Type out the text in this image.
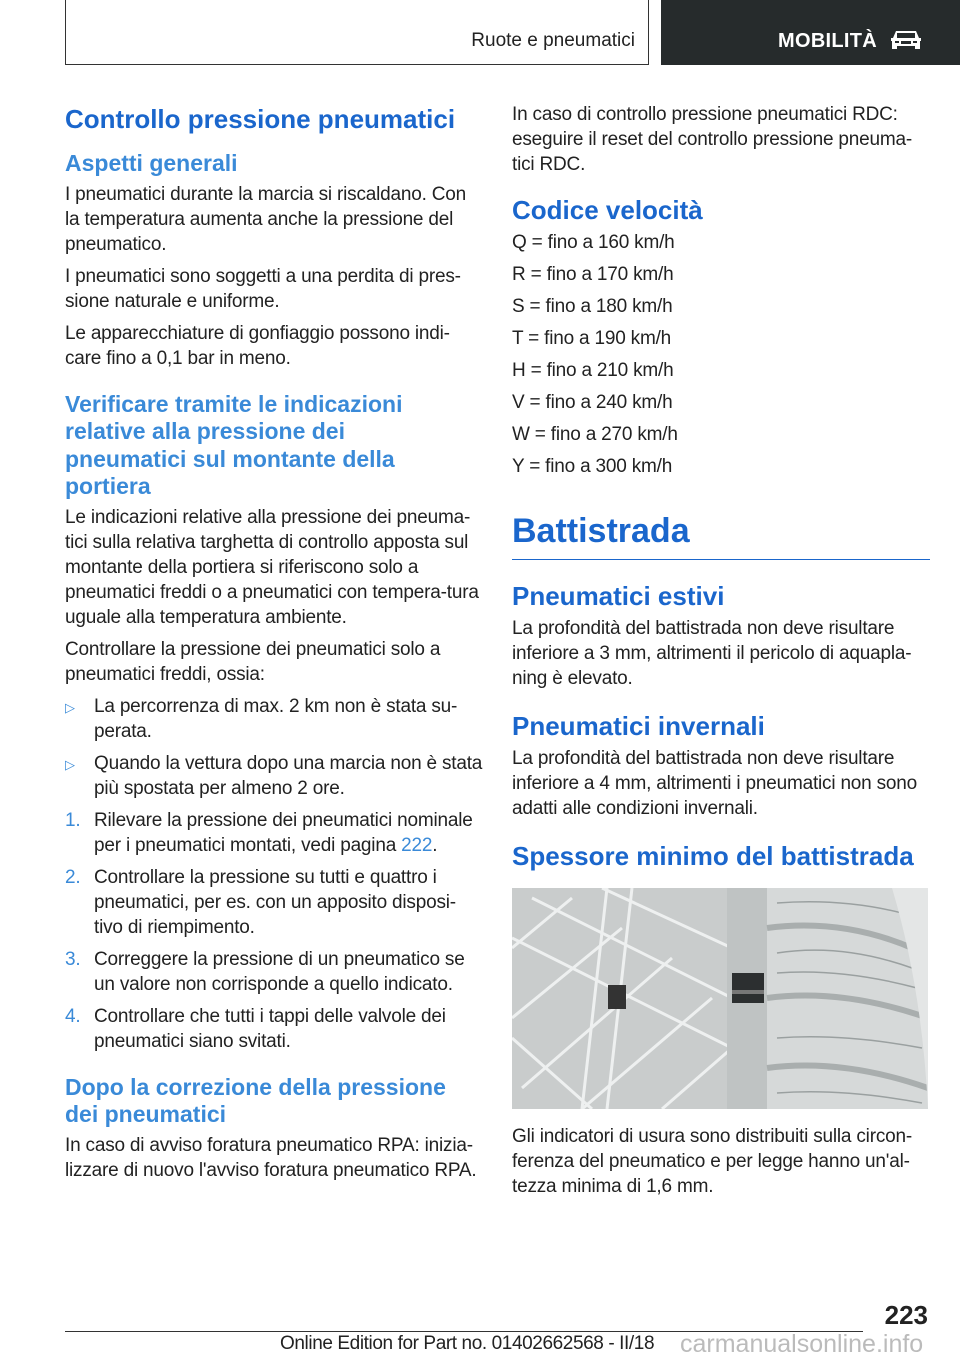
Ruote e pneumatici	MOBILITÀ
Controllo pressione pneumatici
Aspetti generali

I pneumatici durante la marcia si riscaldano. Con la temperatura aumenta anche la pressione del pneumatico.

I pneumatici sono soggetti a una perdita di pres-sione naturale e uniforme.

Le apparecchiature di gonfiaggio possono indi-care fino a 0,1 bar in meno.

Verificare tramite le indicazioni relative alla pressione dei pneumatici sul montante della portiera

Le indicazioni relative alla pressione dei pneuma-tici sulla relativa targhetta di controllo apposta sul montante della portiera si riferiscono solo a pneumatici freddi o a pneumatici con tempera-tura uguale alla temperatura ambiente.

Controllare la pressione dei pneumatici solo a pneumatici freddi, ossia:

▷	La percorrenza di max. 2 km non è stata su-perata.
▷	Quando la vettura dopo una marcia non è stata più spostata per almeno 2 ore.
1. Rilevare la pressione dei pneumatici nominale per i pneumatici montati, vedi pagina 222.
2. Controllare la pressione su tutti e quattro i pneumatici, per es. con un apposito disposi-tivo di riempimento.
3. Correggere la pressione di un pneumatico se un valore non corrisponde a quello indicato.
4. Controllare che tutti i tappi delle valvole dei pneumatici siano svitati.
Dopo la correzione della pressione dei pneumatici

In caso di avviso foratura pneumatico RPA: inizia-lizzare di nuovo l'avviso foratura pneumatico RPA.

In caso di controllo pressione pneumatici RDC: eseguire il reset del controllo pressione pneuma-tici RDC.

Codice velocità

Q = fino a 160 km/h

R = fino a 170 km/h

S = fino a 180 km/h

T = fino a 190 km/h

H = fino a 210 km/h

V = fino a 240 km/h

W = fino a 270 km/h

Y = fino a 300 km/h

Battistrada
Pneumatici estivi

La profondità del battistrada non deve risultare inferiore a 3 mm, altrimenti il pericolo di aquapla-ning è elevato.

Pneumatici invernali

La profondità del battistrada non deve risultare inferiore a 4 mm, altrimenti i pneumatici non sono adatti alle condizioni invernali.

Spessore minimo del battistrada

Gli indicatori di usura sono distribuiti sulla circon-ferenza del pneumatico e per legge hanno un'al-tezza minima di 1,6 mm.

223
Online Edition for Part no. 01402662568 - II/18 carmanualsonline.info
